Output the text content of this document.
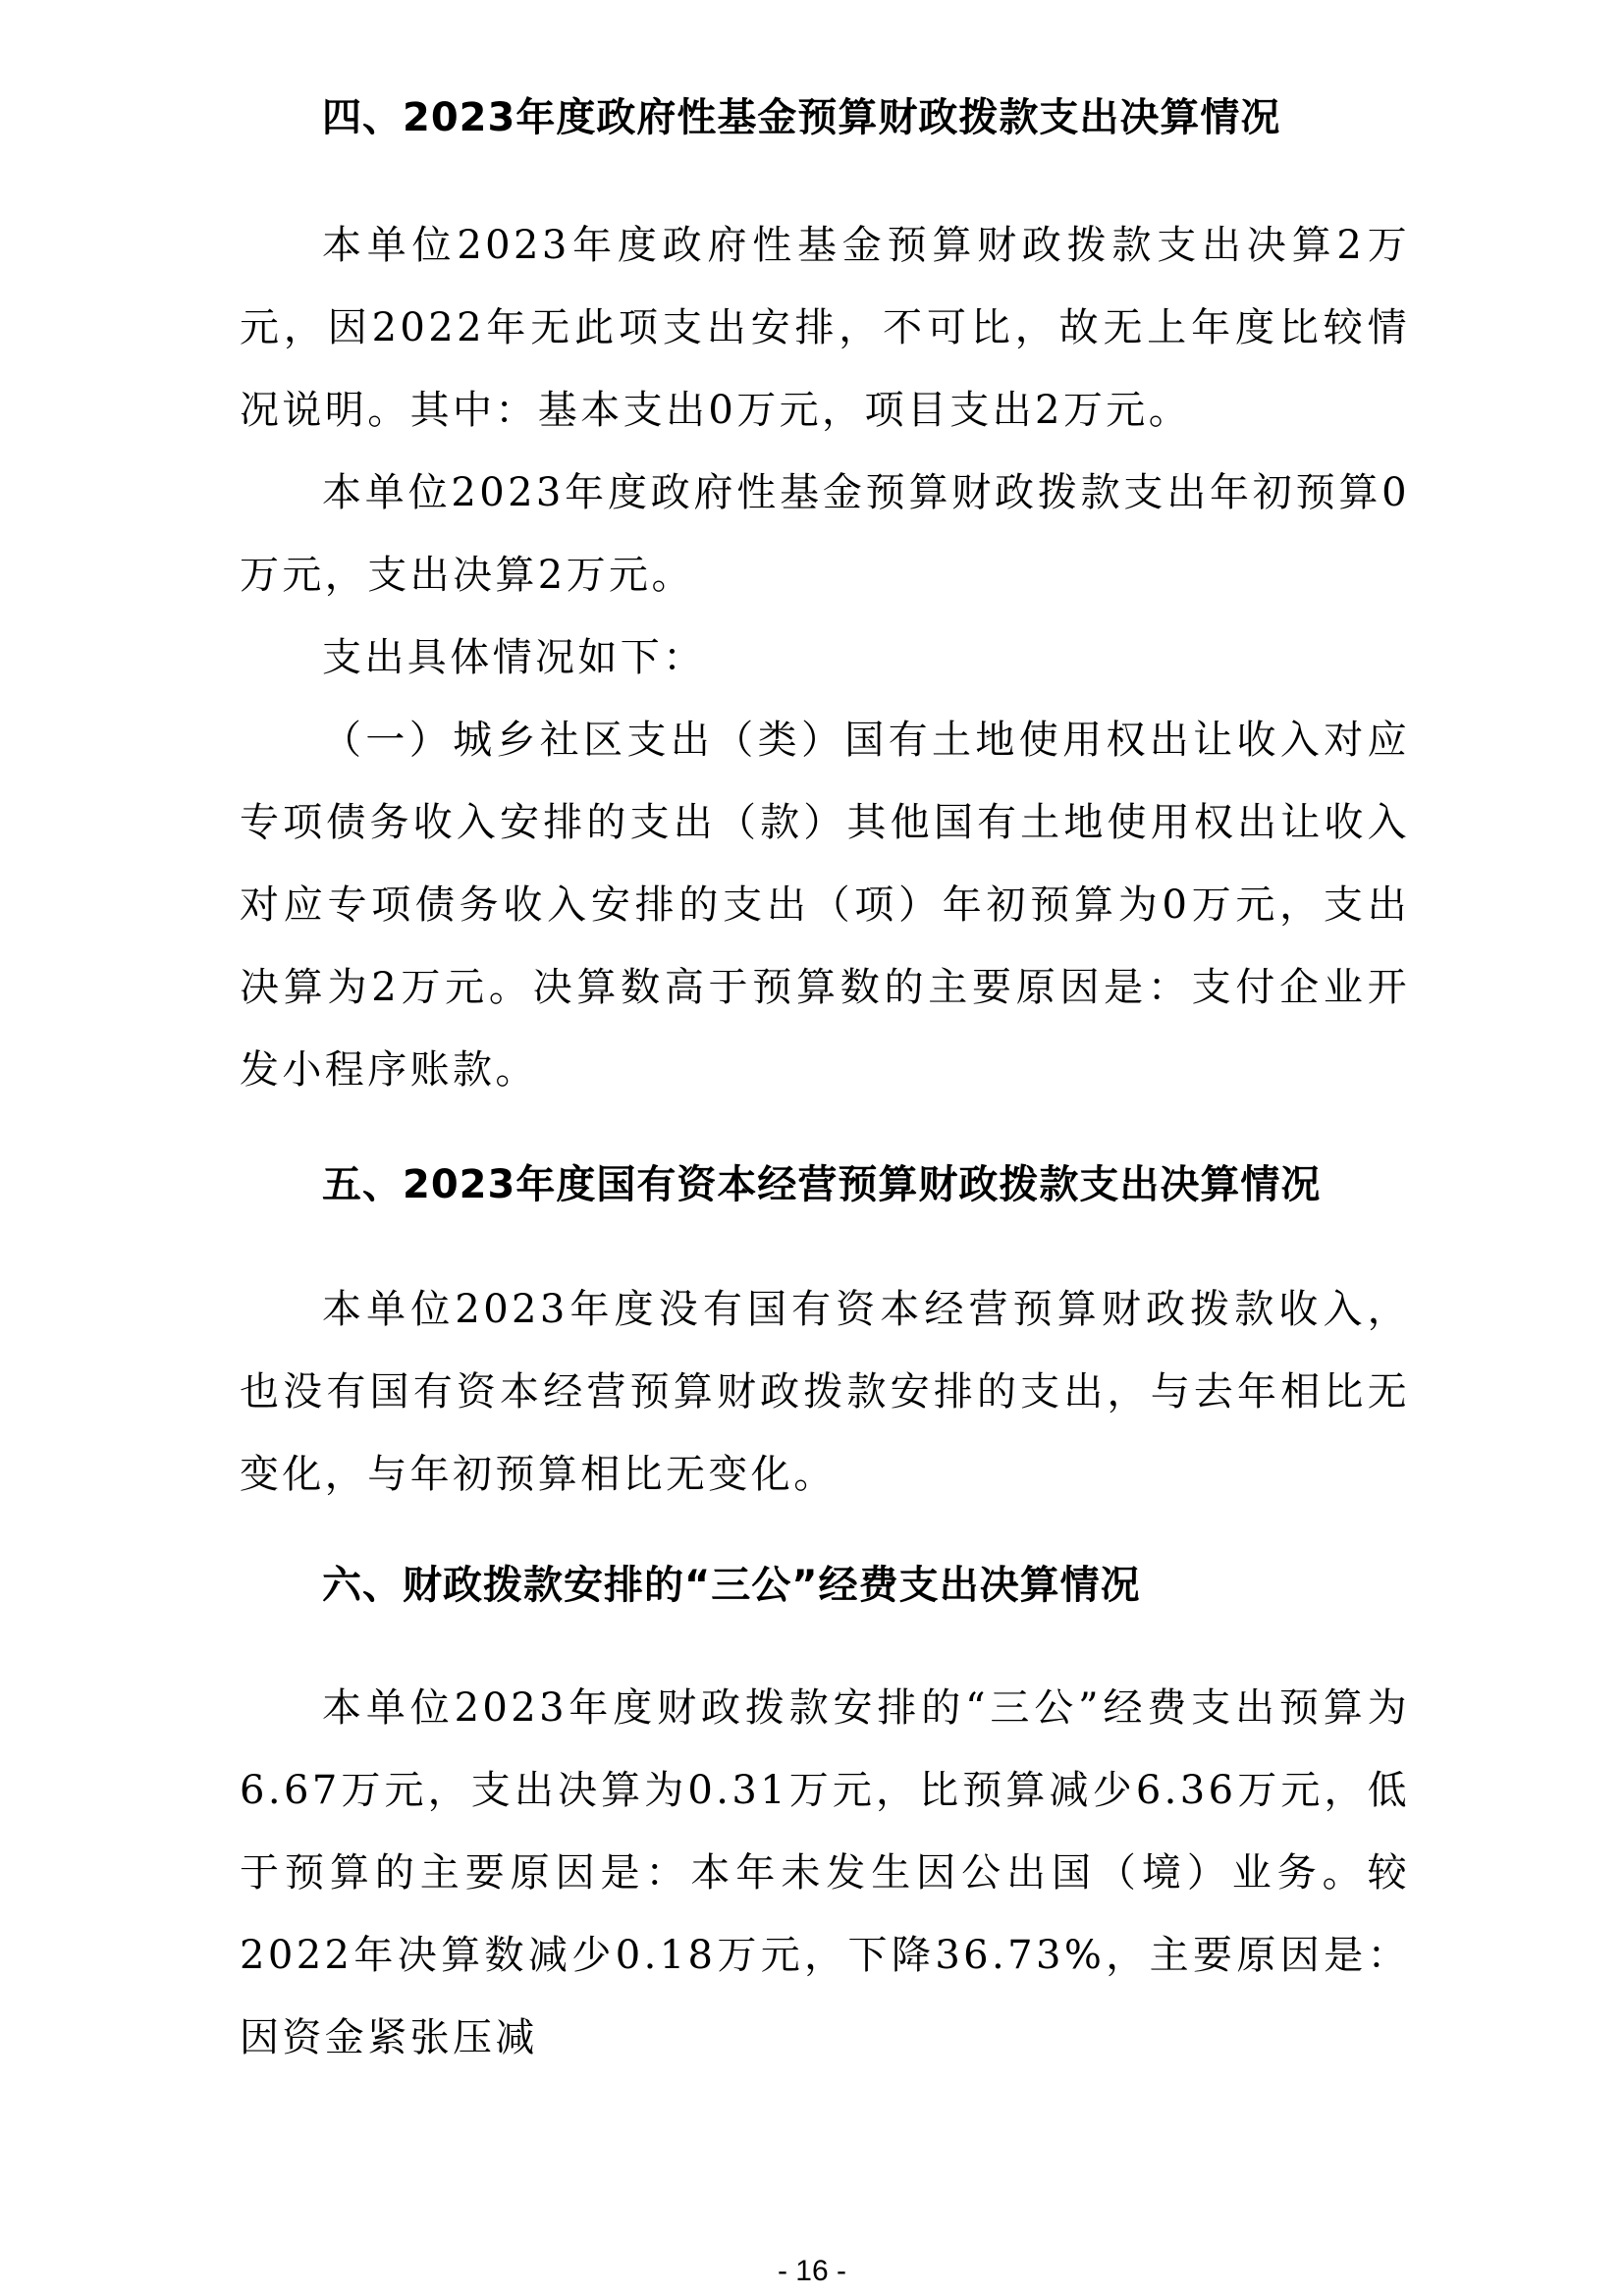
四、2023年度政府性基金预算财政拨款支出决算情况

本单位2023年度政府性基金预算财政拨款支出决算2万元，因2022年无此项支出安排，不可比，故无上年度比较情况说明。其中：基本支出0万元，项目支出2万元。

本单位2023年度政府性基金预算财政拨款支出年初预算0万元，支出决算2万元。

支出具体情况如下：

（一）城乡社区支出（类）国有土地使用权出让收入对应专项债务收入安排的支出（款）其他国有土地使用权出让收入对应专项债务收入安排的支出（项）年初预算为0万元，支出决算为2万元。决算数高于预算数的主要原因是：支付企业开发小程序账款。

五、2023年度国有资本经营预算财政拨款支出决算情况

本单位2023年度没有国有资本经营预算财政拨款收入，也没有国有资本经营预算财政拨款安排的支出，与去年相比无变化，与年初预算相比无变化。

六、财政拨款安排的“三公”经费支出决算情况

本单位2023年度财政拨款安排的“三公”经费支出预算为6.67万元，支出决算为0.31万元，比预算减少6.36万元，低于预算的主要原因是：本年未发生因公出国（境）业务。较2022年决算数减少0.18万元，下降36.73%，主要原因是：因资金紧张压减

- 16 -
